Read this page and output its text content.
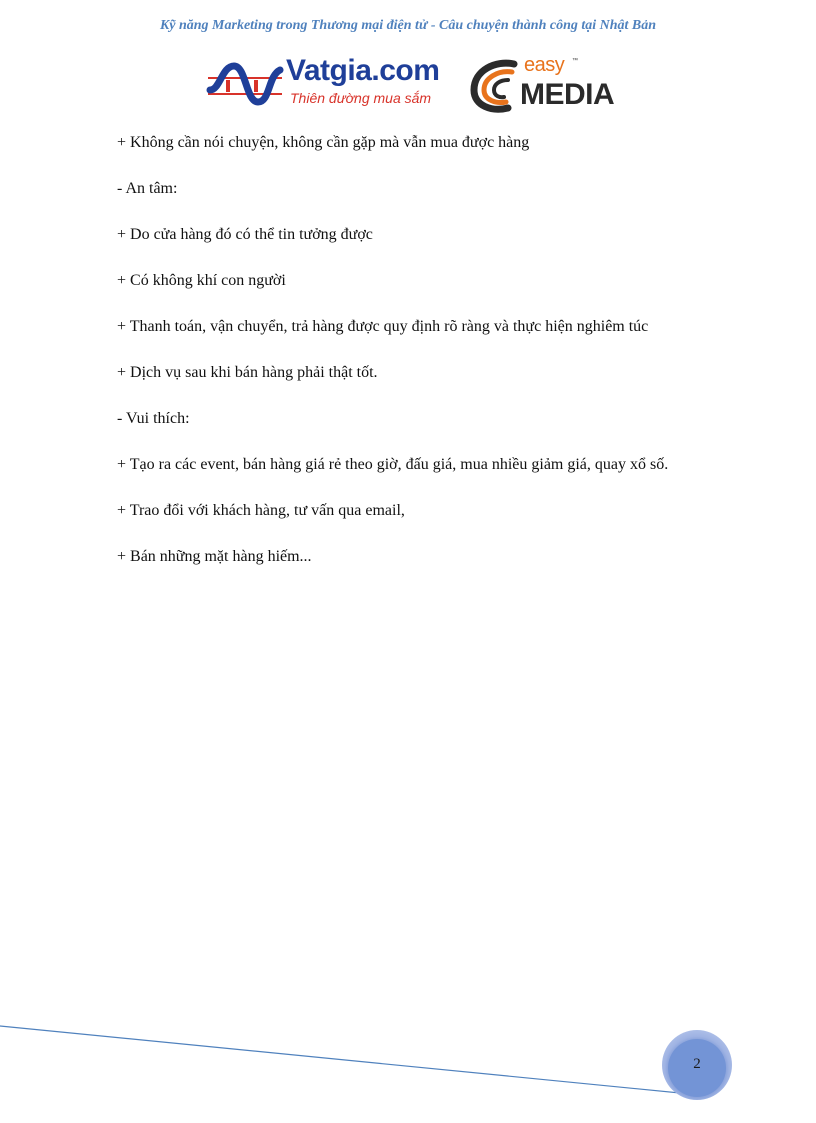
Kỹ năng Marketing trong Thương mại điện tử - Câu chuyện thành công tại Nhật Bản
Vatgia.com
Thiên đường mua sắm
easy ™
MEDIA

+ Không cần nói chuyện, không cần gặp mà vẫn mua được hàng

- An tâm:

+ Do cửa hàng đó có thể tin tưởng được

+ Có không khí con người

+ Thanh toán, vận chuyển, trả hàng được quy định rõ ràng và thực hiện nghiêm túc

+ Dịch vụ sau khi bán hàng phải thật tốt.

- Vui thích:

+ Tạo ra các event, bán hàng giá rẻ theo giờ, đấu giá, mua nhiều giảm giá, quay xổ số.

+ Trao đổi với khách hàng, tư vấn qua email,

+ Bán những mặt hàng hiếm...

2
